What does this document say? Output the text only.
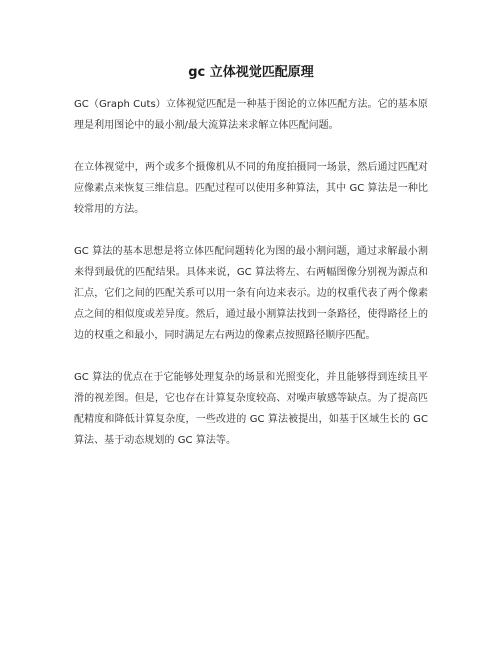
gc 立体视觉匹配原理

GC（Graph Cuts）立体视觉匹配是一种基于图论的立体匹配方法。它的基本原理是利用图论中的最小割/最大流算法来求解立体匹配问题。

在立体视觉中，两个或多个摄像机从不同的角度拍摄同一场景，然后通过匹配对应像素点来恢复三维信息。匹配过程可以使用多种算法，其中 GC 算法是一种比较常用的方法。

GC 算法的基本思想是将立体匹配问题转化为图的最小割问题，通过求解最小割来得到最优的匹配结果。具体来说，GC 算法将左、右两幅图像分别视为源点和汇点，它们之间的匹配关系可以用一条有向边来表示。边的权重代表了两个像素点之间的相似度或差异度。然后，通过最小割算法找到一条路径，使得路径上的边的权重之和最小，同时满足左右两边的像素点按照路径顺序匹配。

GC 算法的优点在于它能够处理复杂的场景和光照变化，并且能够得到连续且平滑的视差图。但是，它也存在计算复杂度较高、对噪声敏感等缺点。为了提高匹配精度和降低计算复杂度，一些改进的 GC 算法被提出，如基于区域生长的 GC 算法、基于动态规划的 GC 算法等。
